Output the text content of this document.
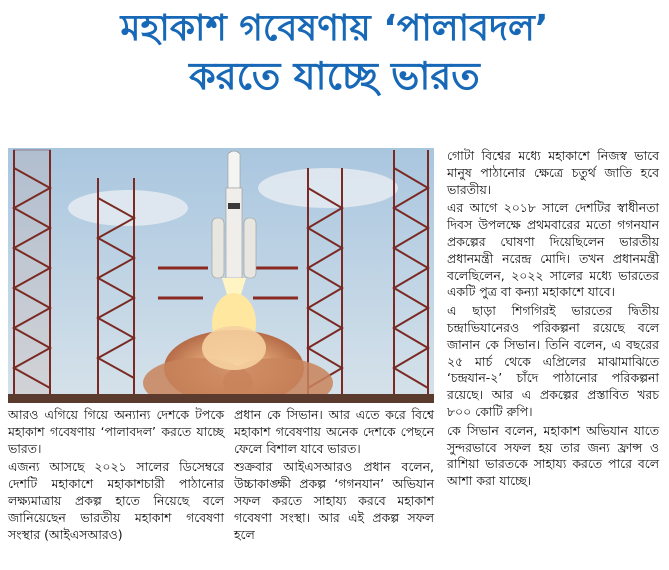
মহাকাশ গবেষণায় ‘পালাবদল’
করতে যাচ্ছে ভারত

আরও এগিয়ে গিয়ে অন্যান্য দেশকে টপকে মহাকাশ গবেষণায় ‘পালাবদল’ করতে যাচ্ছে ভারত।

এজন্য আসছে ২০২১ সালের ডিসেম্বরে দেশটি মহাকাশে মহাকাশচারী পাঠানোর লক্ষ্যমাত্রায় প্রকল্প হাতে নিয়েছে বলে জানিয়েছেন ভারতীয় মহাকাশ গবেষণা সংস্থার (আইএসআরও)

প্রধান কে সিভান। আর এতে করে বিশ্বে মহাকাশ গবেষণায় অনেক দেশকে পেছনে ফেলে বিশাল যাবে ভারত।

শুক্রবার আইএসআরও প্রধান বলেন, উচ্চাকাঙ্ক্ষী প্রকল্প ‘গগনযান’ অভিযান সফল করতে সাহায্য করবে মহাকাশ গবেষণা সংস্থা। আর এই প্রকল্প সফল হলে

গোটা বিশ্বের মধ্যে মহাকাশে নিজস্ব ভাবে মানুষ পাঠানোর ক্ষেত্রে চতুর্থ জাতি হবে ভারতীয়।

এর আগে ২০১৮ সালে দেশটির স্বাধীনতা দিবস উপলক্ষে প্রথমবারের মতো গগনযান প্রকল্পের ঘোষণা দিয়েছিলেন ভারতীয় প্রধানমন্ত্রী নরেন্দ্র মোদি। তখন প্রধানমন্ত্রী বলেছিলেন, ২০২২ সালের মধ্যে ভারতের একটি পুত্র বা কন্যা মহাকাশে যাবে।

এ ছাড়া শিগগিরই ভারতের দ্বিতীয় চন্দ্রাভিযানেরও পরিকল্পনা রয়েছে বলে জানান কে সিভান। তিনি বলেন, এ বছরের ২৫ মার্চ থেকে এপ্রিলের মাঝামাঝিতে ‘চন্দ্রযান-২’ চাঁদে পাঠানোর পরিকল্পনা রয়েছে। আর এ প্রকল্পের প্রস্তাবিত খরচ ৮০০ কোটি রুপি।

কে সিভান বলেন, মহাকাশ অভিযান যাতে সুন্দরভাবে সফল হয় তার জন্য ফ্রান্স ও রাশিয়া ভারতকে সাহায্য করতে পারে বলে আশা করা যাচ্ছে।
